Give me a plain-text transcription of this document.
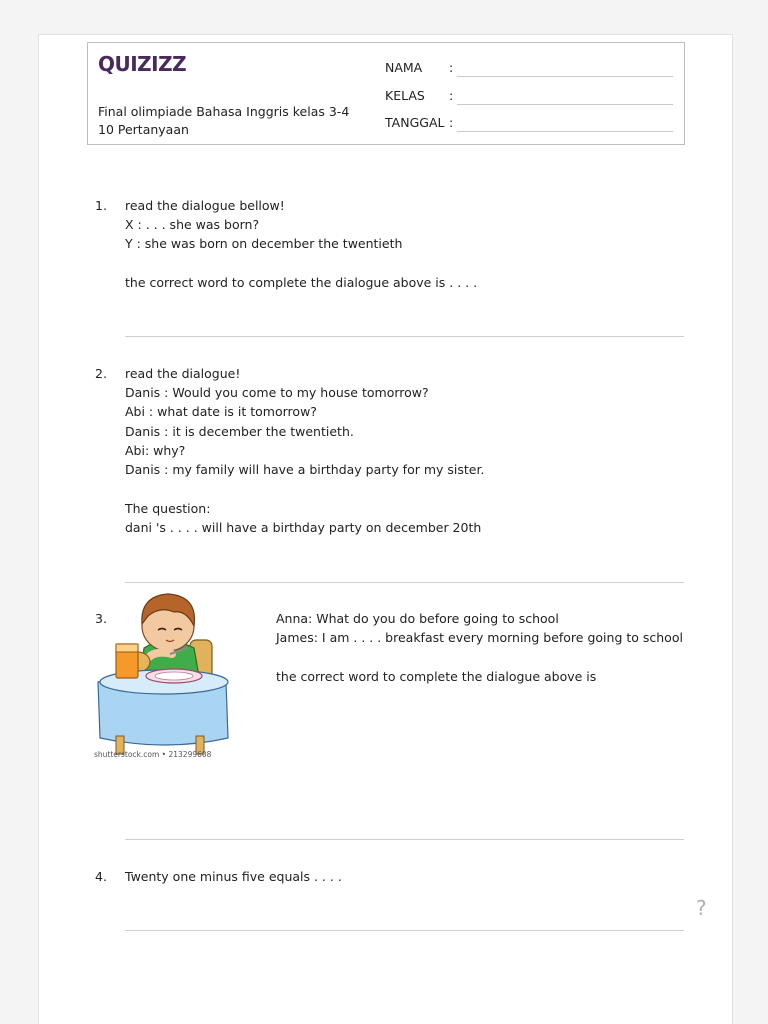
QUIZIZZ
Final olimpiade Bahasa Inggris kelas 3-4
10 Pertanyaan
NAMA :
KELAS :
TANGGAL :
1. read the dialogue bellow!
X : . . . she was born?
Y : she was born on december the twentieth
the correct word to complete the dialogue above is . . . .
2. read the dialogue!
Danis : Would you come to my house tomorrow?
Abi : what date is it tomorrow?
Danis : it is december the twentieth.
Abi: why?
Danis : my family will have a birthday party for my sister.
The question:
dani 's . . . . will have a birthday party on december 20th
3.	Anna: What do you do before going to school
James: I am . . . . breakfast every morning before going to school
the correct word to complete the dialogue above is
shutterstock.com • 213299608
4. Twenty one minus five equals . . . .
?
